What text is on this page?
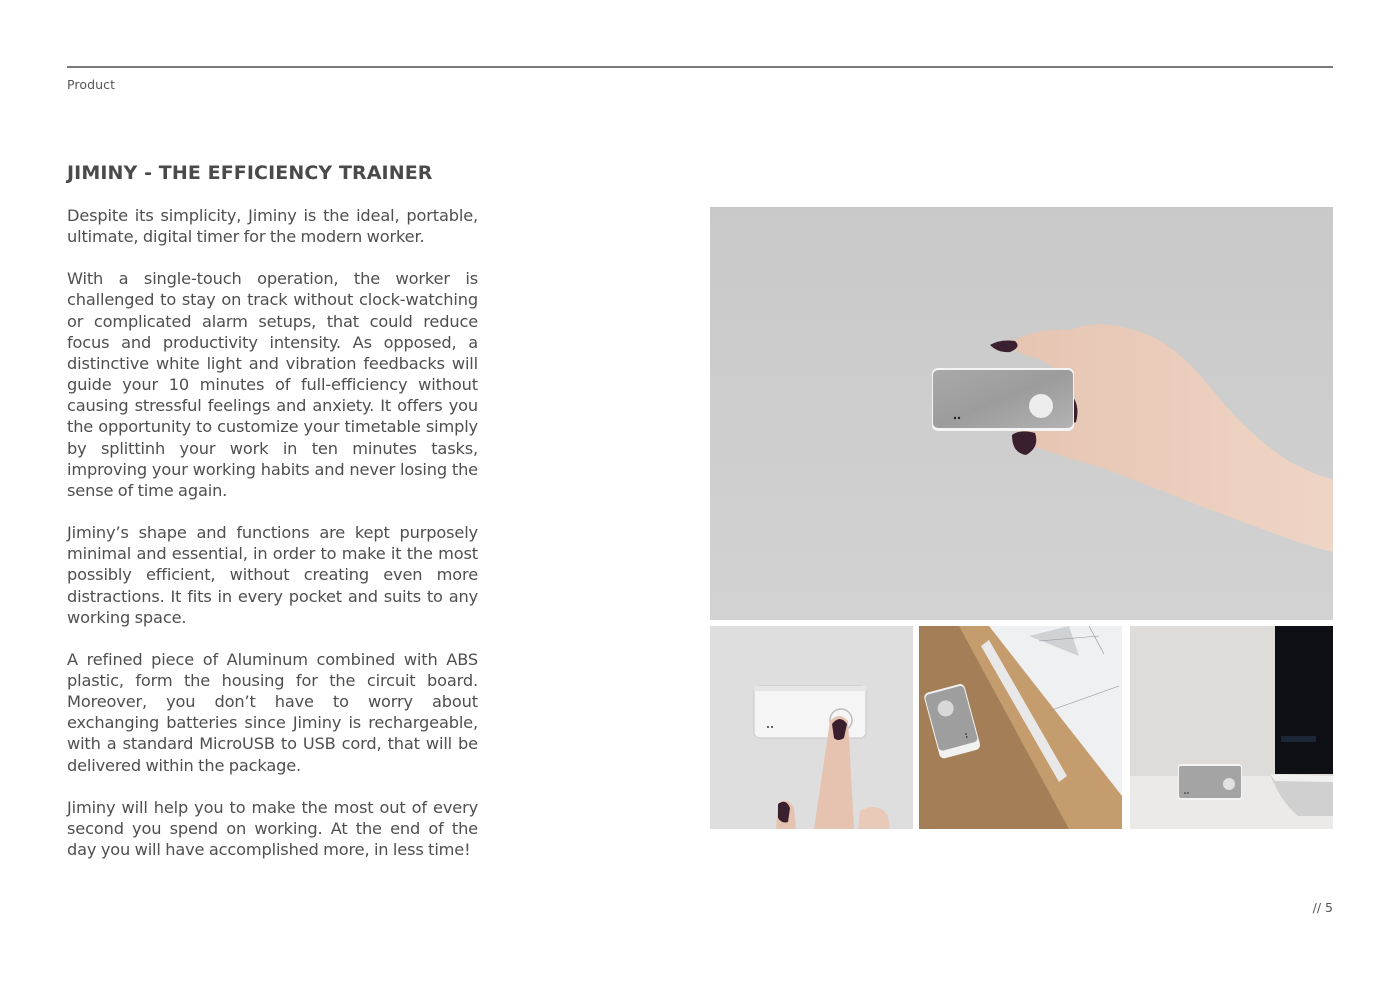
Product
JIMINY - THE EFFICIENCY TRAINER

Despite its simplicity, Jiminy is the ideal, portable, ultimate, digital timer for the modern worker.

With a single-touch operation, the worker is challenged to stay on track without clock-watching or complicated alarm setups, that could reduce focus and productivity intensity. As opposed, a distinctive white light and vibration feedbacks will guide your 10 minutes of full-efficiency without causing stressful feelings and anxiety. It offers you the opportunity to customize your timetable simply by splittinh your work in ten minutes tasks, improving your working habits and never losing the sense of time again.

Jiminy’s shape and functions are kept purposely minimal and essential, in order to make it the most possibly efficient, without creating even more distractions. It fits in every pocket and suits to any working space.

A refined piece of Aluminum combined with ABS plastic, form the housing for the circuit board. Moreover, you don’t have to worry about exchanging batteries since Jiminy is rechargeable, with a standard MicroUSB to USB cord, that will be delivered within the package.

Jiminy will help you to make the most out of every second you spend on working. At the end of the day you will have accomplished more, in less time!

// 5
